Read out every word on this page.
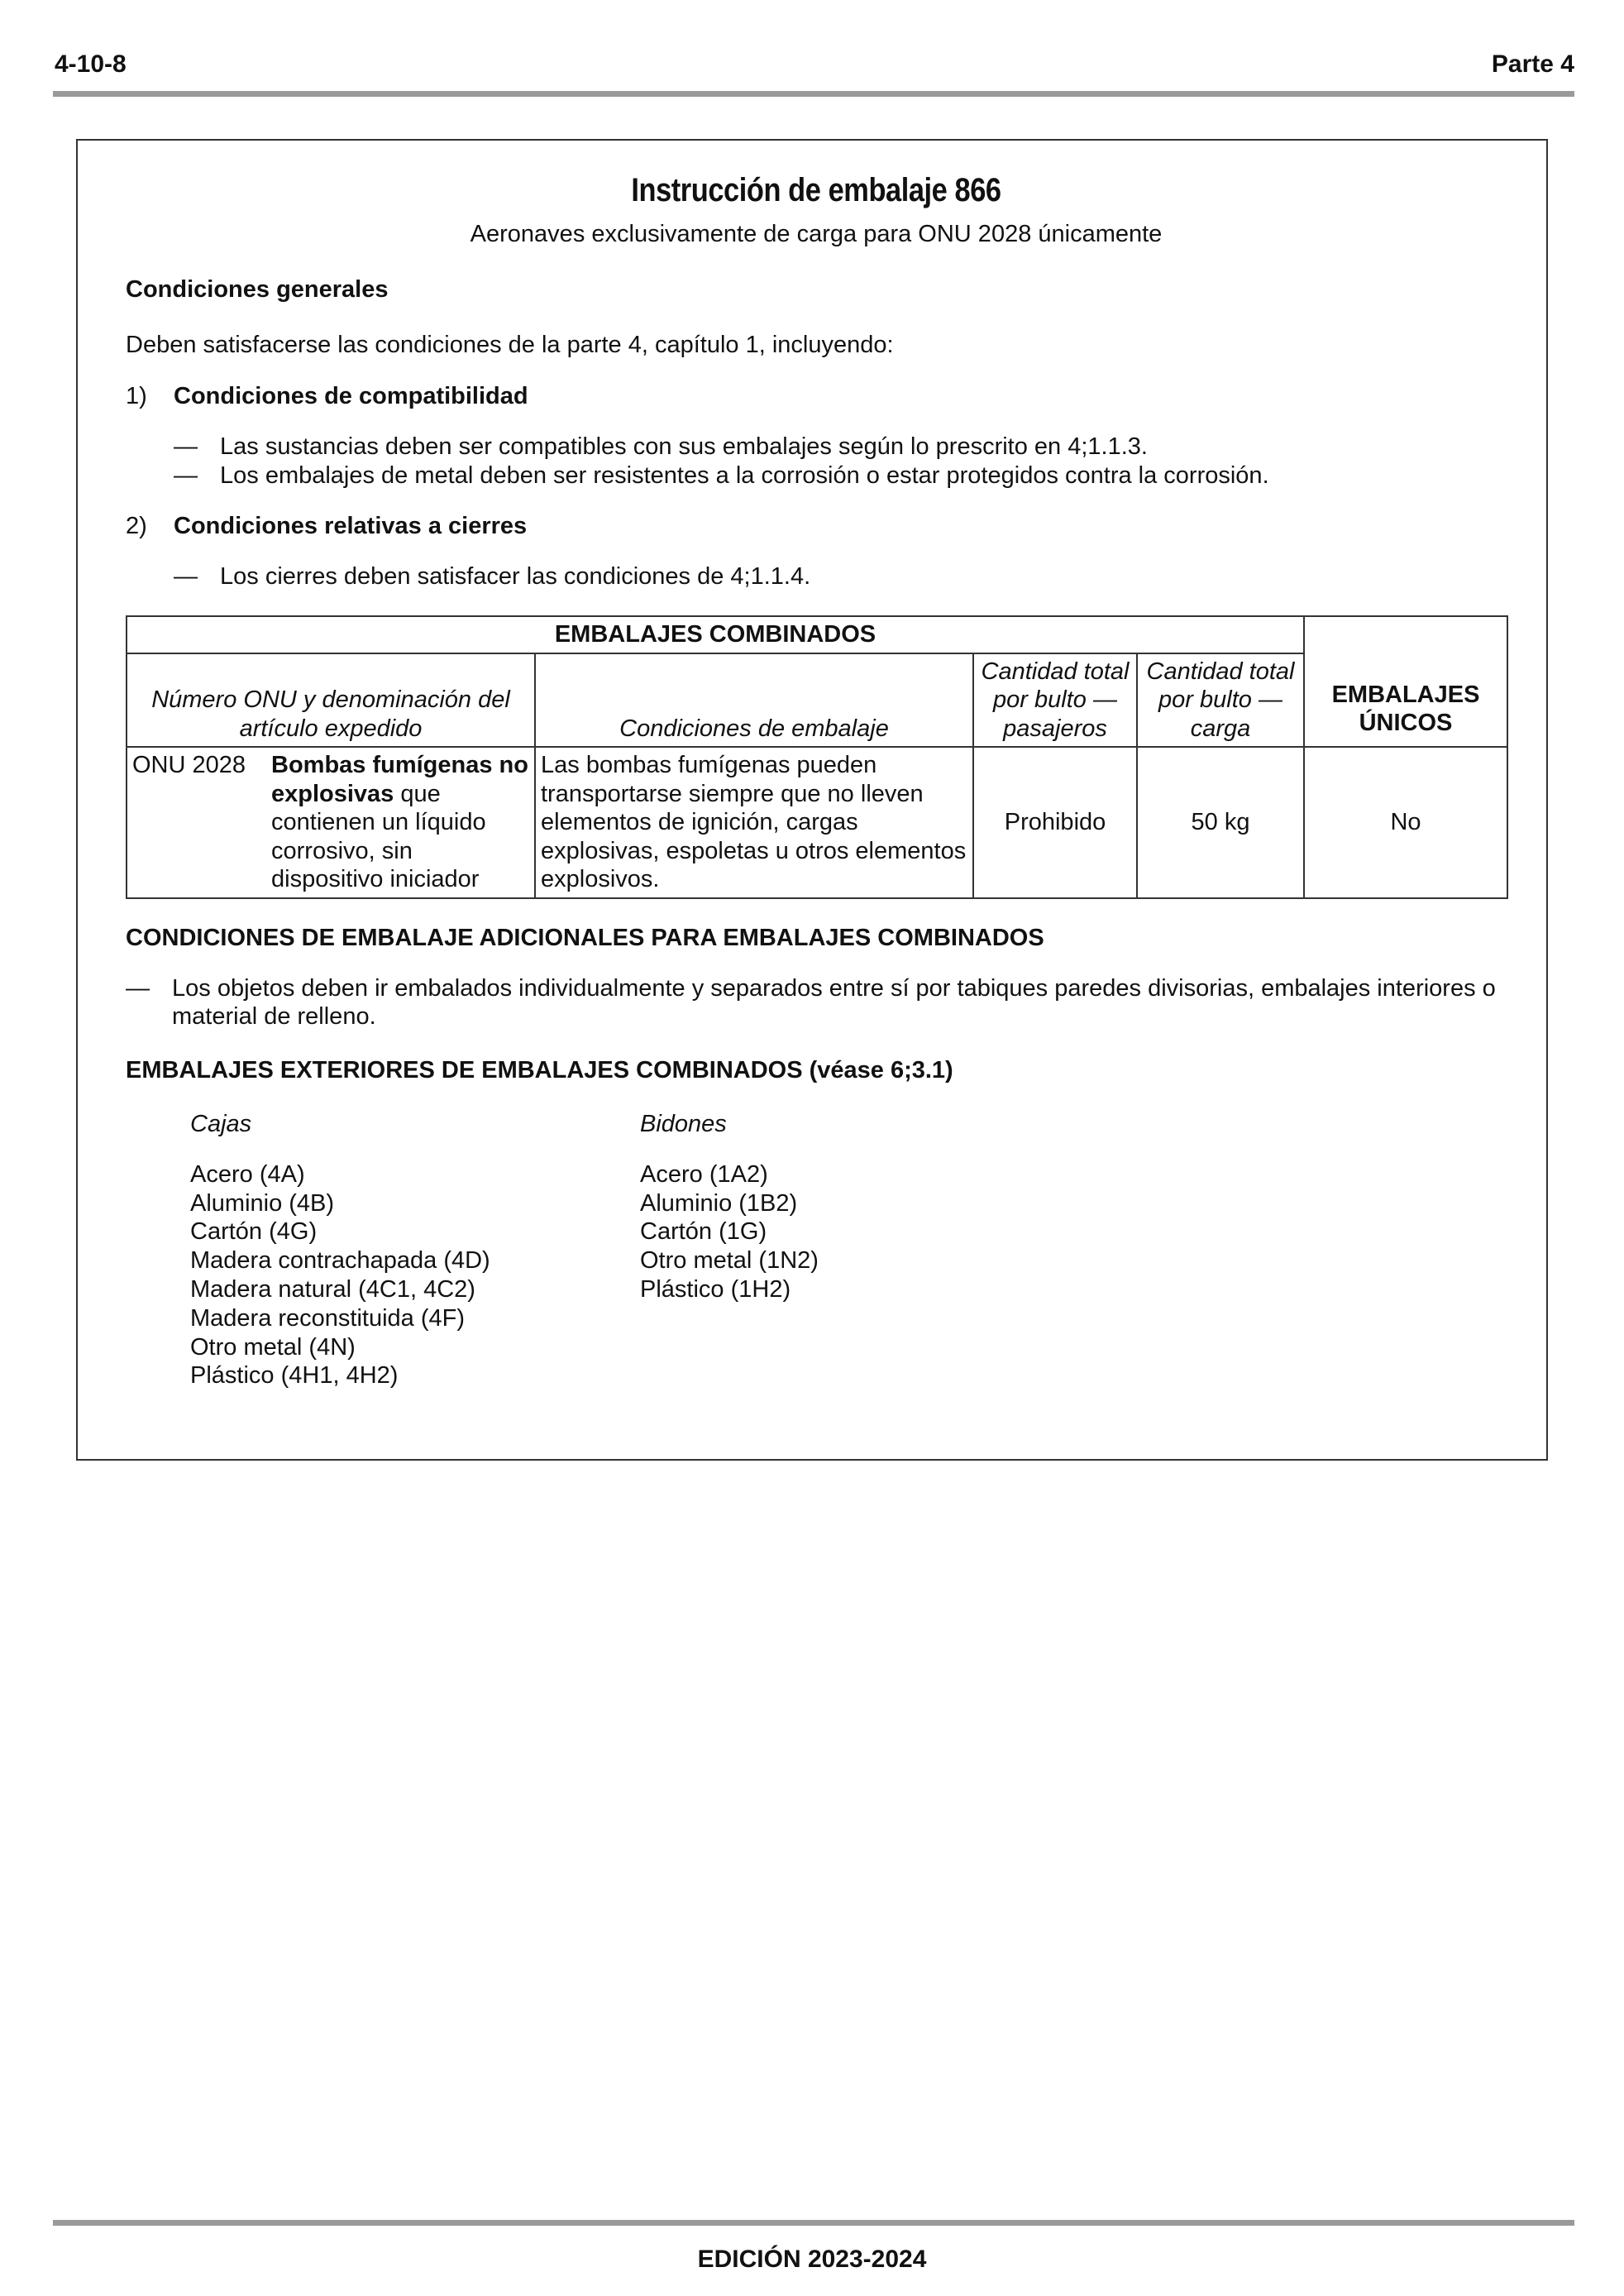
4-10-8	Parte 4
Instrucción de embalaje 866
Aeronaves exclusivamente de carga para ONU 2028 únicamente

Condiciones generales

Deben satisfacerse las condiciones de la parte 4, capítulo 1, incluyendo:

1)	Condiciones de compatibilidad
— Las sustancias deben ser compatibles con sus embalajes según lo prescrito en 4;1.1.3.
— Los embalajes de metal deben ser resistentes a la corrosión o estar protegidos contra la corrosión.
2)	Condiciones relativas a cierres
— Los cierres deben satisfacer las condiciones de 4;1.1.4.
EMBALAJES COMBINADOS				EMBALAJES ÚNICOS
Número ONU y denominación del artículo expedido	Condiciones de embalaje	Cantidad total por bulto — pasajeros	Cantidad total por bulto — carga	

ONU 2028 Bombas fumígenas no explosivas que contienen un líquido corrosivo, sin dispositivo iniciador	Las bombas fumígenas pueden transportarse siempre que no lleven elementos de ignición, cargas explosivas, espoletas u otros elementos explosivos.	Prohibido	50 kg	No

CONDICIONES DE EMBALAJE ADICIONALES PARA EMBALAJES COMBINADOS

— Los objetos deben ir embalados individualmente y separados entre sí por tabiques paredes divisorias, embalajes interiores o material de relleno.

EMBALAJES EXTERIORES DE EMBALAJES COMBINADOS (véase 6;3.1)

Cajas
Acero (4A)
Aluminio (4B)
Cartón (4G)
Madera contrachapada (4D)
Madera natural (4C1, 4C2)
Madera reconstituida (4F)
Otro metal (4N)
Plástico (4H1, 4H2)
Bidones
Acero (1A2)
Aluminio (1B2)
Cartón (1G)
Otro metal (1N2)
Plástico (1H2)
EDICIÓN 2023-2024
